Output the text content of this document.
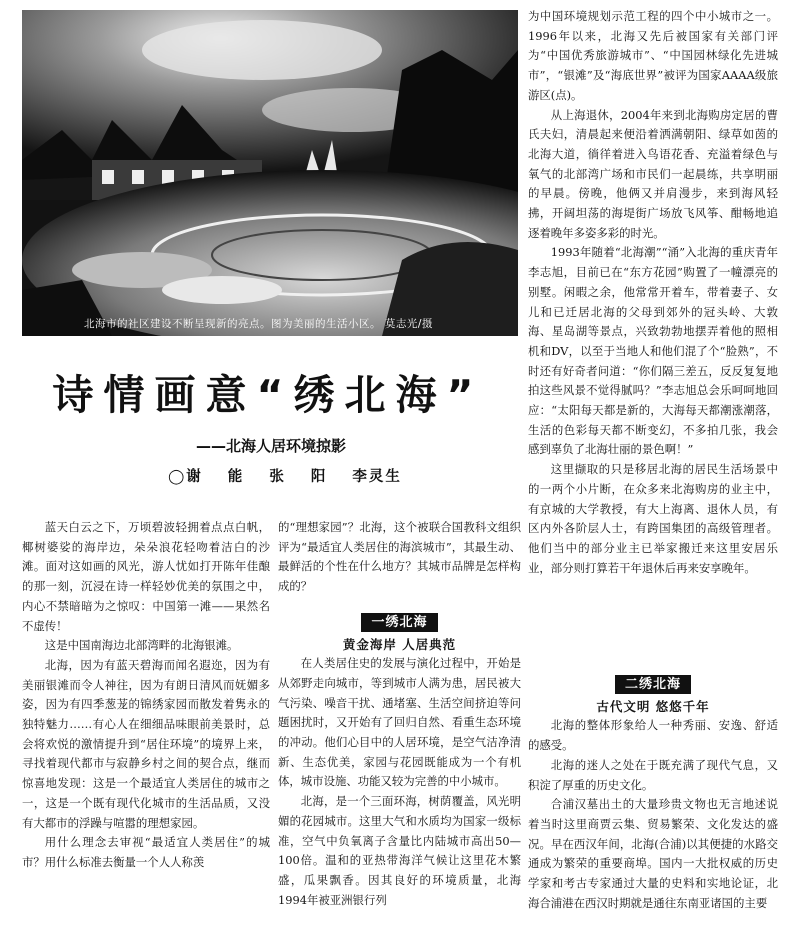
北海市的社区建设不断呈现新的亮点。图为美丽的生活小区。 莫志光/摄
诗情画意“绣北海”
——北海人居环境掠影
◯谢 能 张 阳 李灵生

为中国环境规划示范工程的四个中小城市之一。1996年以来，北海又先后被国家有关部门评为“中国优秀旅游城市”、“中国园林绿化先进城市”，“银滩”及“海底世界”被评为国家AAAA级旅游区(点)。

从上海退休，2004年来到北海购房定居的曹氏夫妇，清晨起来便沿着洒满朝阳、绿草如茵的北海大道，徜徉着进入鸟语花香、充溢着绿色与氧气的北部湾广场和市民们一起晨练，共享明丽的早晨。傍晚，他俩又并肩漫步，来到海风轻拂，开阔坦荡的海堤街广场放飞风筝、酣畅地追逐着晚年多姿多彩的时光。

1993年随着“北海潮”“涌”入北海的重庆青年李志旭，目前已在“东方花园”购置了一幢漂亮的别墅。闲暇之余，他常常开着车，带着妻子、女儿和已迁居北海的父母到郊外的冠头岭、大敦海、星岛湖等景点，兴致勃勃地摆弄着他的照相机和DV，以至于当地人和他们混了个“脸熟”，不时还有好奇者问道：“你们隔三差五，反反复复地拍这些风景不觉得腻吗？”李志旭总会乐呵呵地回应：“太阳每天都是新的，大海每天都潮涨潮落，生活的色彩每天都不断变幻，不多拍几张，我会感到辜负了北海壮丽的景色啊！”

这里撷取的只是移居北海的居民生活场景中的一两个小片断，在众多来北海购房的业主中，有京城的大学教授，有大上海离、退休人员，有区内外各阶层人士，有跨国集团的高级管理者。他们当中的部分业主已举家搬迁来这里安居乐业，部分则打算若干年退休后再来安享晚年。

蓝天白云之下，万顷碧波轻拥着点点白帆，椰树婆娑的海岸边，朵朵浪花轻吻着洁白的沙滩。面对这如画的风光，游人忧如打开陈年佳酿的那一刻，沉浸在诗一样轻妙优美的氛围之中，内心不禁暗暗为之惊叹：中国第一滩——果然名不虚传！

这是中国南海边北部湾畔的北海银滩。

北海，因为有蓝天碧海而闻名遐迩，因为有美丽银滩而令人神往，因为有朗日清风而妩媚多姿，因为有四季葱茏的锦绣家园而散发着隽永的独特魅力……有心人在细细品味眼前美景时，总会将欢悦的激情提升到“居住环境”的境界上来，寻找着现代都市与寂静乡村之间的契合点，继而惊喜地发现：这是一个最适宜人类居住的城市之一，这是一个既有现代化城市的生活品质，又没有大都市的浮躁与喧嚣的理想家园。

用什么理念去审视“最适宜人类居住”的城市？用什么标准去衡量一个人人称羡

的“理想家园”？北海，这个被联合国教科文组织评为“最适宜人类居住的海滨城市”，其最生动、最鲜活的个性在什么地方？其城市品牌是怎样构成的？

一绣北海
黄金海岸 人居典范

在人类居住史的发展与演化过程中，开始是从郊野走向城市，等到城市人满为患，居民被大气污染、噪音干扰、通堵塞、生活空间挤迫等问题困扰时，又开始有了回归自然、看重生态环境的冲动。他们心目中的人居环境，是空气洁净清新、生态优美，家园与花园既能成为一个有机体，城市设施、功能又较为完善的中小城市。

北海，是一个三面环海，树荫覆盖，风光明媚的花园城市。这里大气和水质均为国家一级标准，空气中负氧离子含量比内陆城市高出50—100倍。温和的亚热带海洋气候让这里花木繁盛，瓜果飘香。因其良好的环境质量，北海1994年被亚洲银行列

二绣北海
古代文明 悠悠千年

北海的整体形象给人一种秀丽、安逸、舒适的感受。

北海的迷人之处在于既充满了现代气息，又积淀了厚重的历史文化。

合浦汉墓出土的大量珍贵文物也无言地述说着当时这里商贾云集、贸易繁荣、文化发达的盛况。早在西汉年间，北海(合浦)以其便捷的水路交通成为繁荣的重要商埠。国内一大批权威的历史学家和考古专家通过大量的史料和实地论证，北海合浦港在西汉时期就是通往东南亚诸国的主要
